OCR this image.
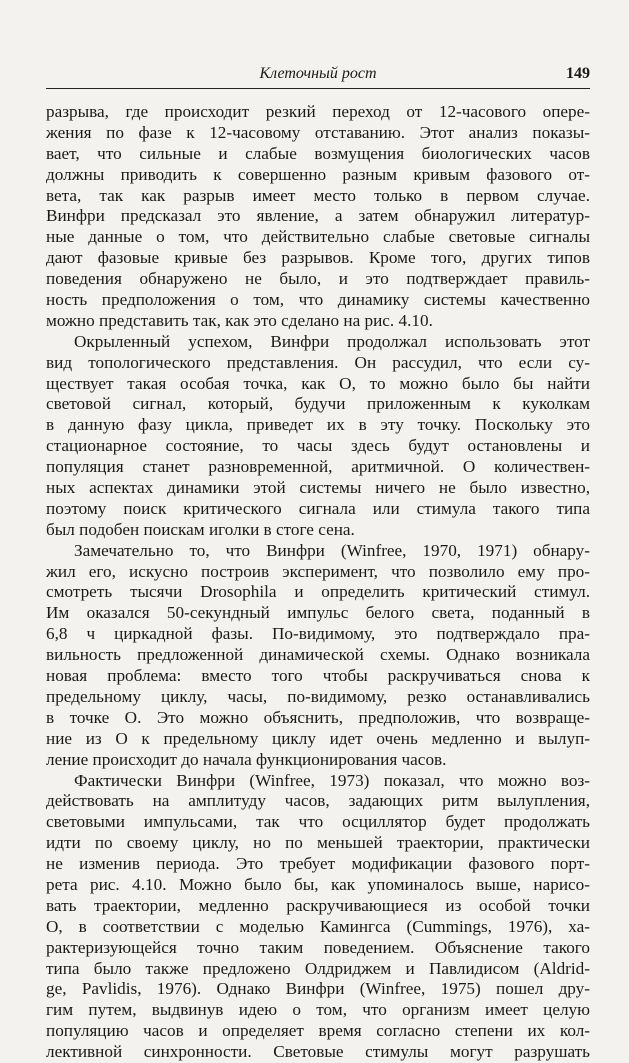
Клеточный рост	149
разрыва, где происходит резкий переход от 12-часового опере-
жения по фазе к 12-часовому отставанию. Этот анализ показы-
вает, что сильные и слабые возмущения биологических часов
должны приводить к совершенно разным кривым фазового от-
вета, так как разрыв имеет место только в первом случае.
Винфри предсказал это явление, а затем обнаружил литератур-
ные данные о том, что действительно слабые световые сигналы
дают фазовые кривые без разрывов. Кроме того, других типов
поведения обнаружено не было, и это подтверждает правиль-
ность предположения о том, что динамику системы качественно
можно представить так, как это сделано на рис. 4.10.
Окрыленный успехом, Винфри продолжал использовать этот
вид топологического представления. Он рассудил, что если су-
ществует такая особая точка, как O, то можно было бы найти
световой сигнал, который, будучи приложенным к куколкам
в данную фазу цикла, приведет их в эту точку. Поскольку это
стационарное состояние, то часы здесь будут остановлены и
популяция станет разновременной, аритмичной. О количествен-
ных аспектах динамики этой системы ничего не было известно,
поэтому поиск критического сигнала или стимула такого типа
был подобен поискам иголки в стоге сена.
Замечательно то, что Винфри (Winfree, 1970, 1971) обнару-
жил его, искусно построив эксперимент, что позволило ему про-
смотреть тысячи Drosophila и определить критический стимул.
Им оказался 50-секундный импульс белого света, поданный в
6,8 ч циркадной фазы. По-видимому, это подтверждало пра-
вильность предложенной динамической схемы. Однако возникала
новая проблема: вместо того чтобы раскручиваться снова к
предельному циклу, часы, по-видимому, резко останавливались
в точке O. Это можно объяснить, предположив, что возвраще-
ние из O к предельному циклу идет очень медленно и вылуп-
ление происходит до начала функционирования часов.
Фактически Винфри (Winfree, 1973) показал, что можно воз-
действовать на амплитуду часов, задающих ритм вылупления,
световыми импульсами, так что осциллятор будет продолжать
идти по своему циклу, но по меньшей траектории, практически
не изменив периода. Это требует модификации фазового порт-
рета рис. 4.10. Можно было бы, как упоминалось выше, нарисо-
вать траектории, медленно раскручивающиеся из особой точки
O, в соответствии с моделью Камингса (Cummings, 1976), ха-
рактеризующейся точно таким поведением. Объяснение такого
типа было также предложено Олдриджем и Павлидисом (Aldrid-
ge, Pavlidis, 1976). Однако Винфри (Winfree, 1975) пошел дру-
гим путем, выдвинув идею о том, что организм имеет целую
популяцию часов и определяет время согласно степени их кол-
лективной синхронности. Световые стимулы могут разрушать
